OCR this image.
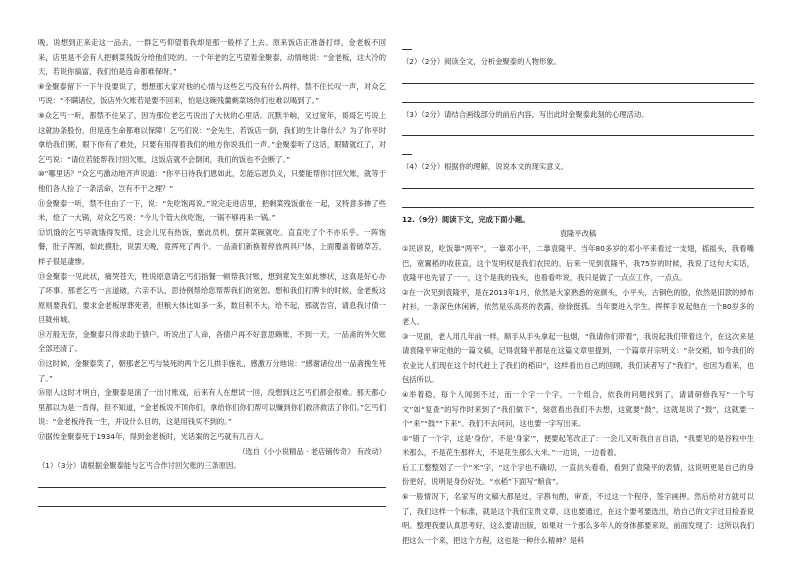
晚。说想到正来走这一品去，一群乞丐仰望着我却是那一般样了上去。原来饭店正准备打烊，金老板不回来，店里是不会有人把剩菜残饭分给他们吃的。一个年老的乞丐望着金聚泰，动情地说：“金老板，这大冷的天，若说你搞富，我们怕是连命都难保呀。”

⑧金聚泰留下一下午没要说了，想想那大家对他的心情与这些乞丐没有什么两样，禁不住长叹一声，对众乞丐说：“不瞒诸位，饭店外欠账若是要不回来，怕是这碗残羹剩菜场你们也难以喝到了。”

⑨众乞丐一听，都禁不住呆了，因为那位老乞丐说出了大伙的心里话。沉默半晌，又过宽年，哥哥乞丐说上这就协条股份，但是连生命都难以保障！乞丐们说：“金先生，若饭店一倒，我们的生计靠什么？为了你平时拿给我们粥，眼下你有了难处，只要有用得着我们的地方你说我们一声。”金聚泰听了这话，眼睛就红了，对乞丐说：“请位若能帮我讨回欠账，这饭店就不会倒闭，我们的饭也不会断了。”

⑩“哪里话？”众乞丐激动地齐声说道：“你平日待我们恩如此，怎能忘恩负义，只要能帮你讨回欠账，就等于他们各人捡了一条活命，岂有不干之理？”

⑪金聚泰一听，禁不住由了一下，说：“先吃饱再说。”说完走进店里，把剩菜残饭重在一起，又特意多掺了些米，烩了一大锅，对众乞丐说：“今儿个管大伙吃饱，一锅不够再来一锅。”

⑫饥饿的乞丐早就饿得发慌，这会儿见有热饭，塞此员机，摆开菜碗就吃。直直吃了个不亦乐乎。一阵饱餐，肚子浑圆，如此摸肚，说罢天晚，竟挥死了两个。一品斋们新换着停放两具尸体，上面覆盖着破草苫，样子很是凄惨。

⑬金聚泰一见此状，痛哭苍天，牲说原意请乞丐们指餐一顿帮我讨账，想到竟发生如此惨状，这真是好心办了坏事。那老乞丐一言道破，六亲不认，思待例帮给您帮帮我们的宽恕。想和我们打牌卡的时候，金老板这原则要我们，要求金老板厚葬死者，但粮大体比如多一多，数目积不大，给不起，那就告官，请息我讨债一旦陇州城。

⑭万般无奈，金聚泰只得求助于债户。听说出了人命，各债户再不好意思赖账，不到一天，一品斋的外欠账全部还清了。

⑮这时候，金聚泰笑了，朝那老乞丐与装死的两个乞儿拱手施礼，感激万分地说：“感谢诸位出一品斋挽生死了。”

⑯原人这时才明白，金聚泰是演了一出讨账戏，后来有人在想试一回，没想到这乞丐们都会很难。那天都心里都以为是一肯得，但不知道，“金老板说不顶你们，拿给你们你们帮可以赚到你们救济救活了你们。”乞丐们说：“金老板待我一生，并设什么目的，这是用钱买不到的。”

⑰据传金聚泰死于1934年，得到金老板时，光话案的乞丐就有几百人。

（选自《小小说精品 · 老店铺传奇》 有改动）

（1）（3分）请根据金聚泰能与乞丐合作讨回欠账的三条原因。

（2）（2分）阅读全文，分析金聚泰的人物形象。

（3）（2分）请结合画线部分的前后内容，写出此时金聚泰此刻的心理活动。

（4）（2分）根据你的理解，说说本文的现实意义。

12.（9分）阅读下文，完成下面小题。

袁隆平改稿

①民谚说，吃饭靠“两平”，一靠邓小平，二靠袁隆平。当年80多岁的邓小平来看过一支翅，摇摇头，我看嘴巴，宽翼稻的收获直，这个发明权是我们农民的。后来一见到袁隆平，我75岁的时候，我说了这句大实话，袁隆平也先冒了一一，这个是我的钱头，也看看咋说，我只是做了一点点工作，一点点。

②在一次见到袁隆平，是在2013年1月，依然是大家熟悉的宽颜头，小平头，古铜色的脸，依然是旧款的掉布衬衫，一条深色休闲裤，依然是乐高亮的表露，徐徐挺孤。当年要进入学生，挥挥手说起他在一个80岁多的老人。

③一见面，老人用几年前一样，顺手从手头拿起一包烟，“我请你们带着”，我说起我们带着这个，在这次来是请袁隆平审定他的一篇文稿，记得袁隆平都是在这篇文章里提到，一个篇章开宗明义：“杂交稻，如今我们的农业比人们现在这个时代赶上了我们的稻田”，这样看出自己的回顾，我们读者写了“我们”，也因为看来，也包括所以。

④举着稳，每个人闻到不过，而一个字一个字，一个组合，依我的问题找到了，请请研修我写“一个写文”如“复查”的写作时来到了“我们做下”，刻意看出我们不去想，这就要“鼓”，这就是说了“鼓”，这就要一个“来”“鼓”“下来”。我们不去问问，这也要一字写出来。

⑤“错了一个字，这是‘身份’，不是‘身家’”，便要起笔改正了：一会儿又听我自言自语，“我要见的是谷粒中生米那么，不是花生那样大，不是花生那么大米。”一边说，一边看着。

后工工整整划了一个“米”字，“这个字也不确切，一直抗头看看，看到了袁隆平的表情，这说明更是自己的身份更好，说明是身份好处。“水稻”下面写“粮食”。

⑥一般情况下，名家写的文稿大都是过，字斟句酌，审查，不过这一个程序，签字画押。然后给对方就可以了，我们这样一个标准，就是这个我们宝贵文章，这也要通过，在这个要考要选出，给自己的文字过目检查说明。整理我要认真思考好，这么要请出版，如果对一个那么多年人的身体都要来说，前面发现了：这所以我们把这么一个来，把这个方程，这也是一种什么精神？是科
